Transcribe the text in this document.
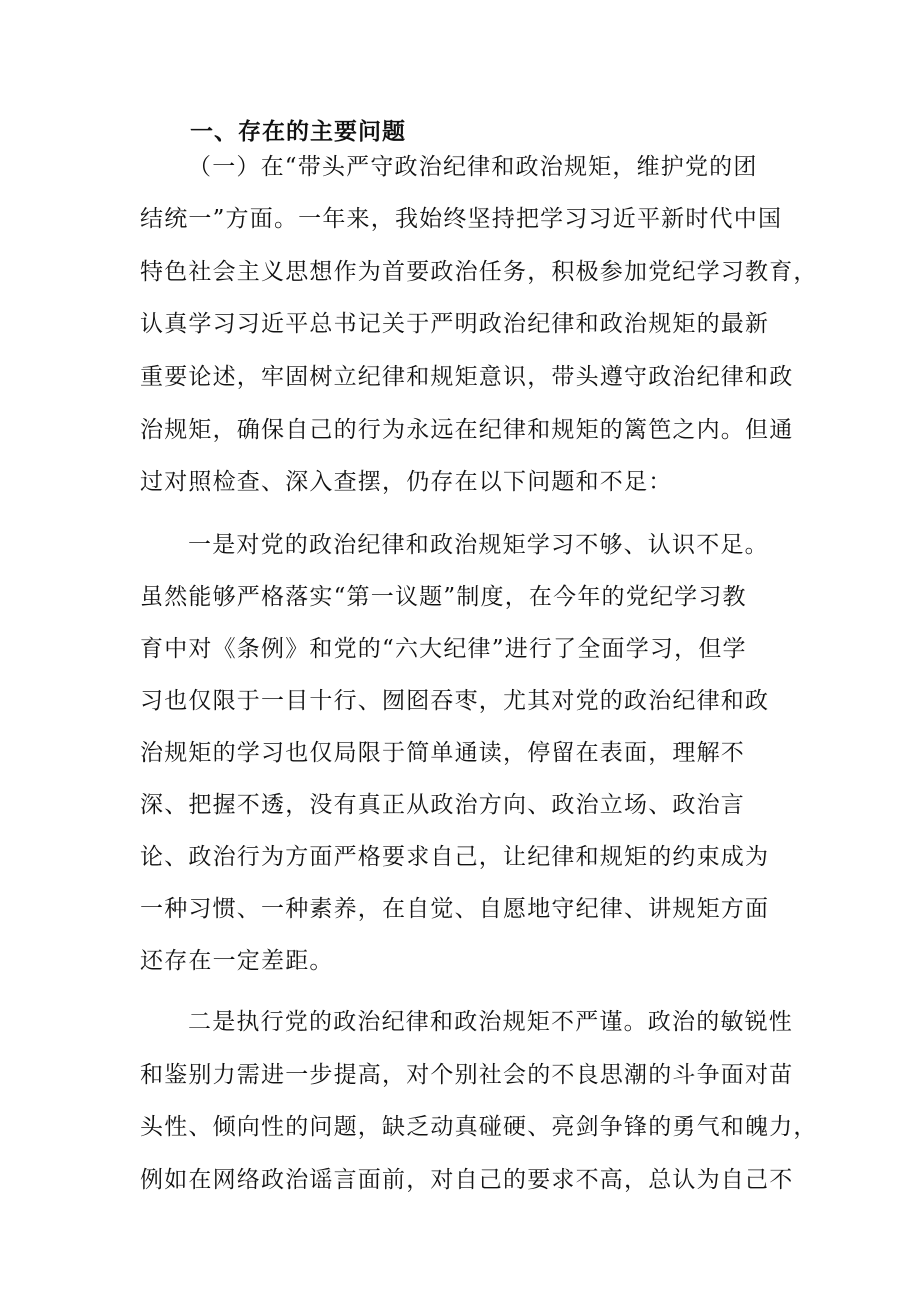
一、存在的主要问题
（一）在“带头严守政治纪律和政治规矩，维护党的团
结统一”方面。一年来，我始终坚持把学习习近平新时代中国
特色社会主义思想作为首要政治任务，积极参加党纪学习教育，
认真学习习近平总书记关于严明政治纪律和政治规矩的最新
重要论述，牢固树立纪律和规矩意识，带头遵守政治纪律和政
治规矩，确保自己的行为永远在纪律和规矩的篱笆之内。但通
过对照检查、深入查摆，仍存在以下问题和不足：
一是对党的政治纪律和政治规矩学习不够、认识不足。
虽然能够严格落实“第一议题”制度，在今年的党纪学习教
育中对《条例》和党的“六大纪律”进行了全面学习，但学
习也仅限于一目十行、囫囵吞枣，尤其对党的政治纪律和政
治规矩的学习也仅局限于简单通读，停留在表面，理解不
深、把握不透，没有真正从政治方向、政治立场、政治言
论、政治行为方面严格要求自己，让纪律和规矩的约束成为
一种习惯、一种素养，在自觉、自愿地守纪律、讲规矩方面
还存在一定差距。
二是执行党的政治纪律和政治规矩不严谨。政治的敏锐性
和鉴别力需进一步提高，对个别社会的不良思潮的斗争面对苗
头性、倾向性的问题，缺乏动真碰硬、亮剑争锋的勇气和魄力，
例如在网络政治谣言面前，对自己的要求不高，总认为自己不
